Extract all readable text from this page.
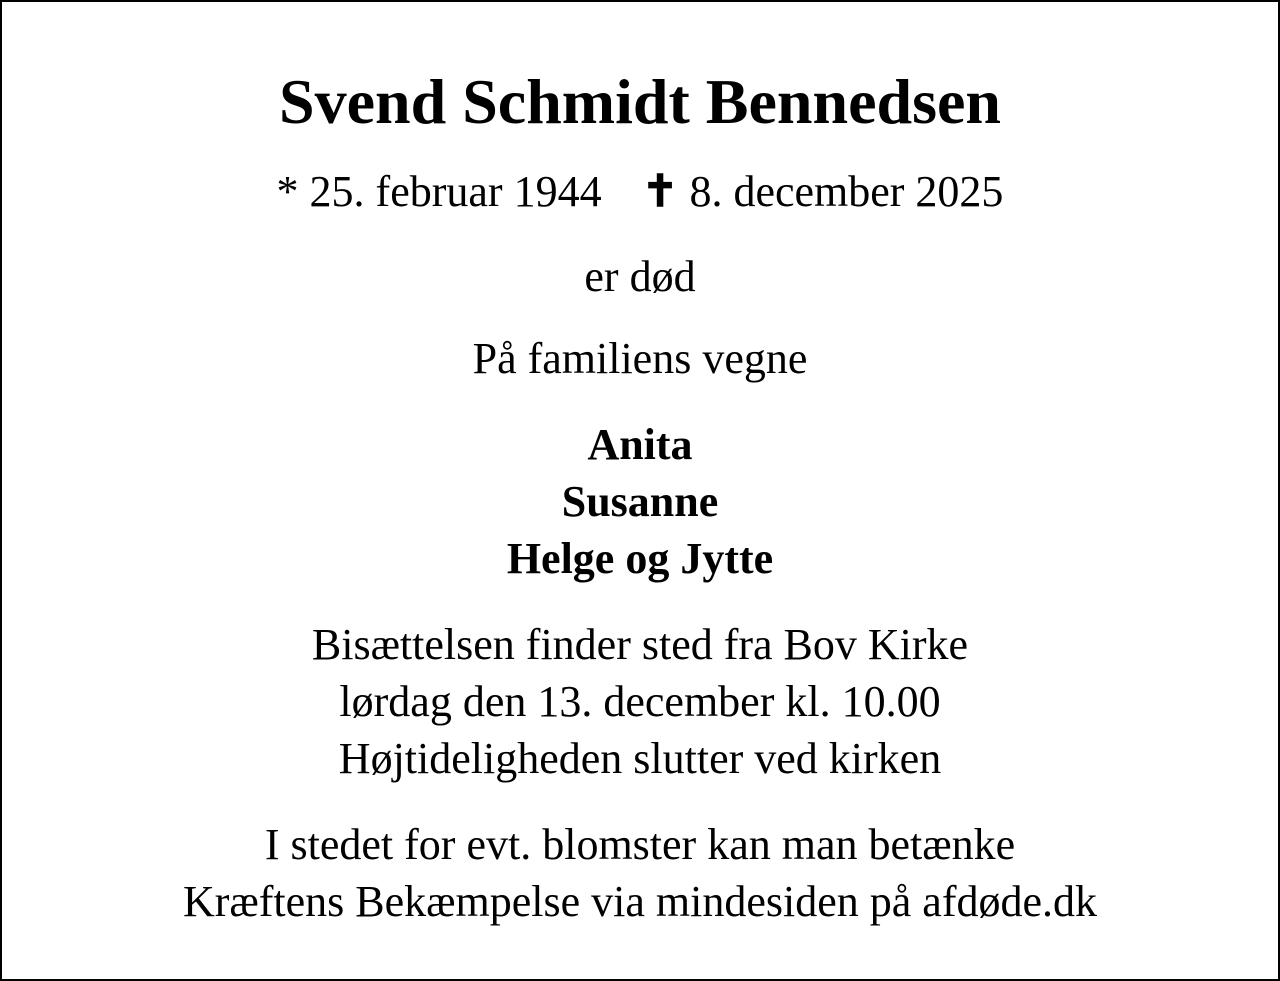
Svend Schmidt Bennedsen
* 25. februar 1944 ✝ 8. december 2025
er død
På familiens vegne
Anita
Susanne
Helge og Jytte
Bisættelsen finder sted fra Bov Kirke
lørdag den 13. december kl. 10.00
Højtideligheden slutter ved kirken
I stedet for evt. blomster kan man betænke
Kræftens Bekæmpelse via mindesiden på afdøde.dk
